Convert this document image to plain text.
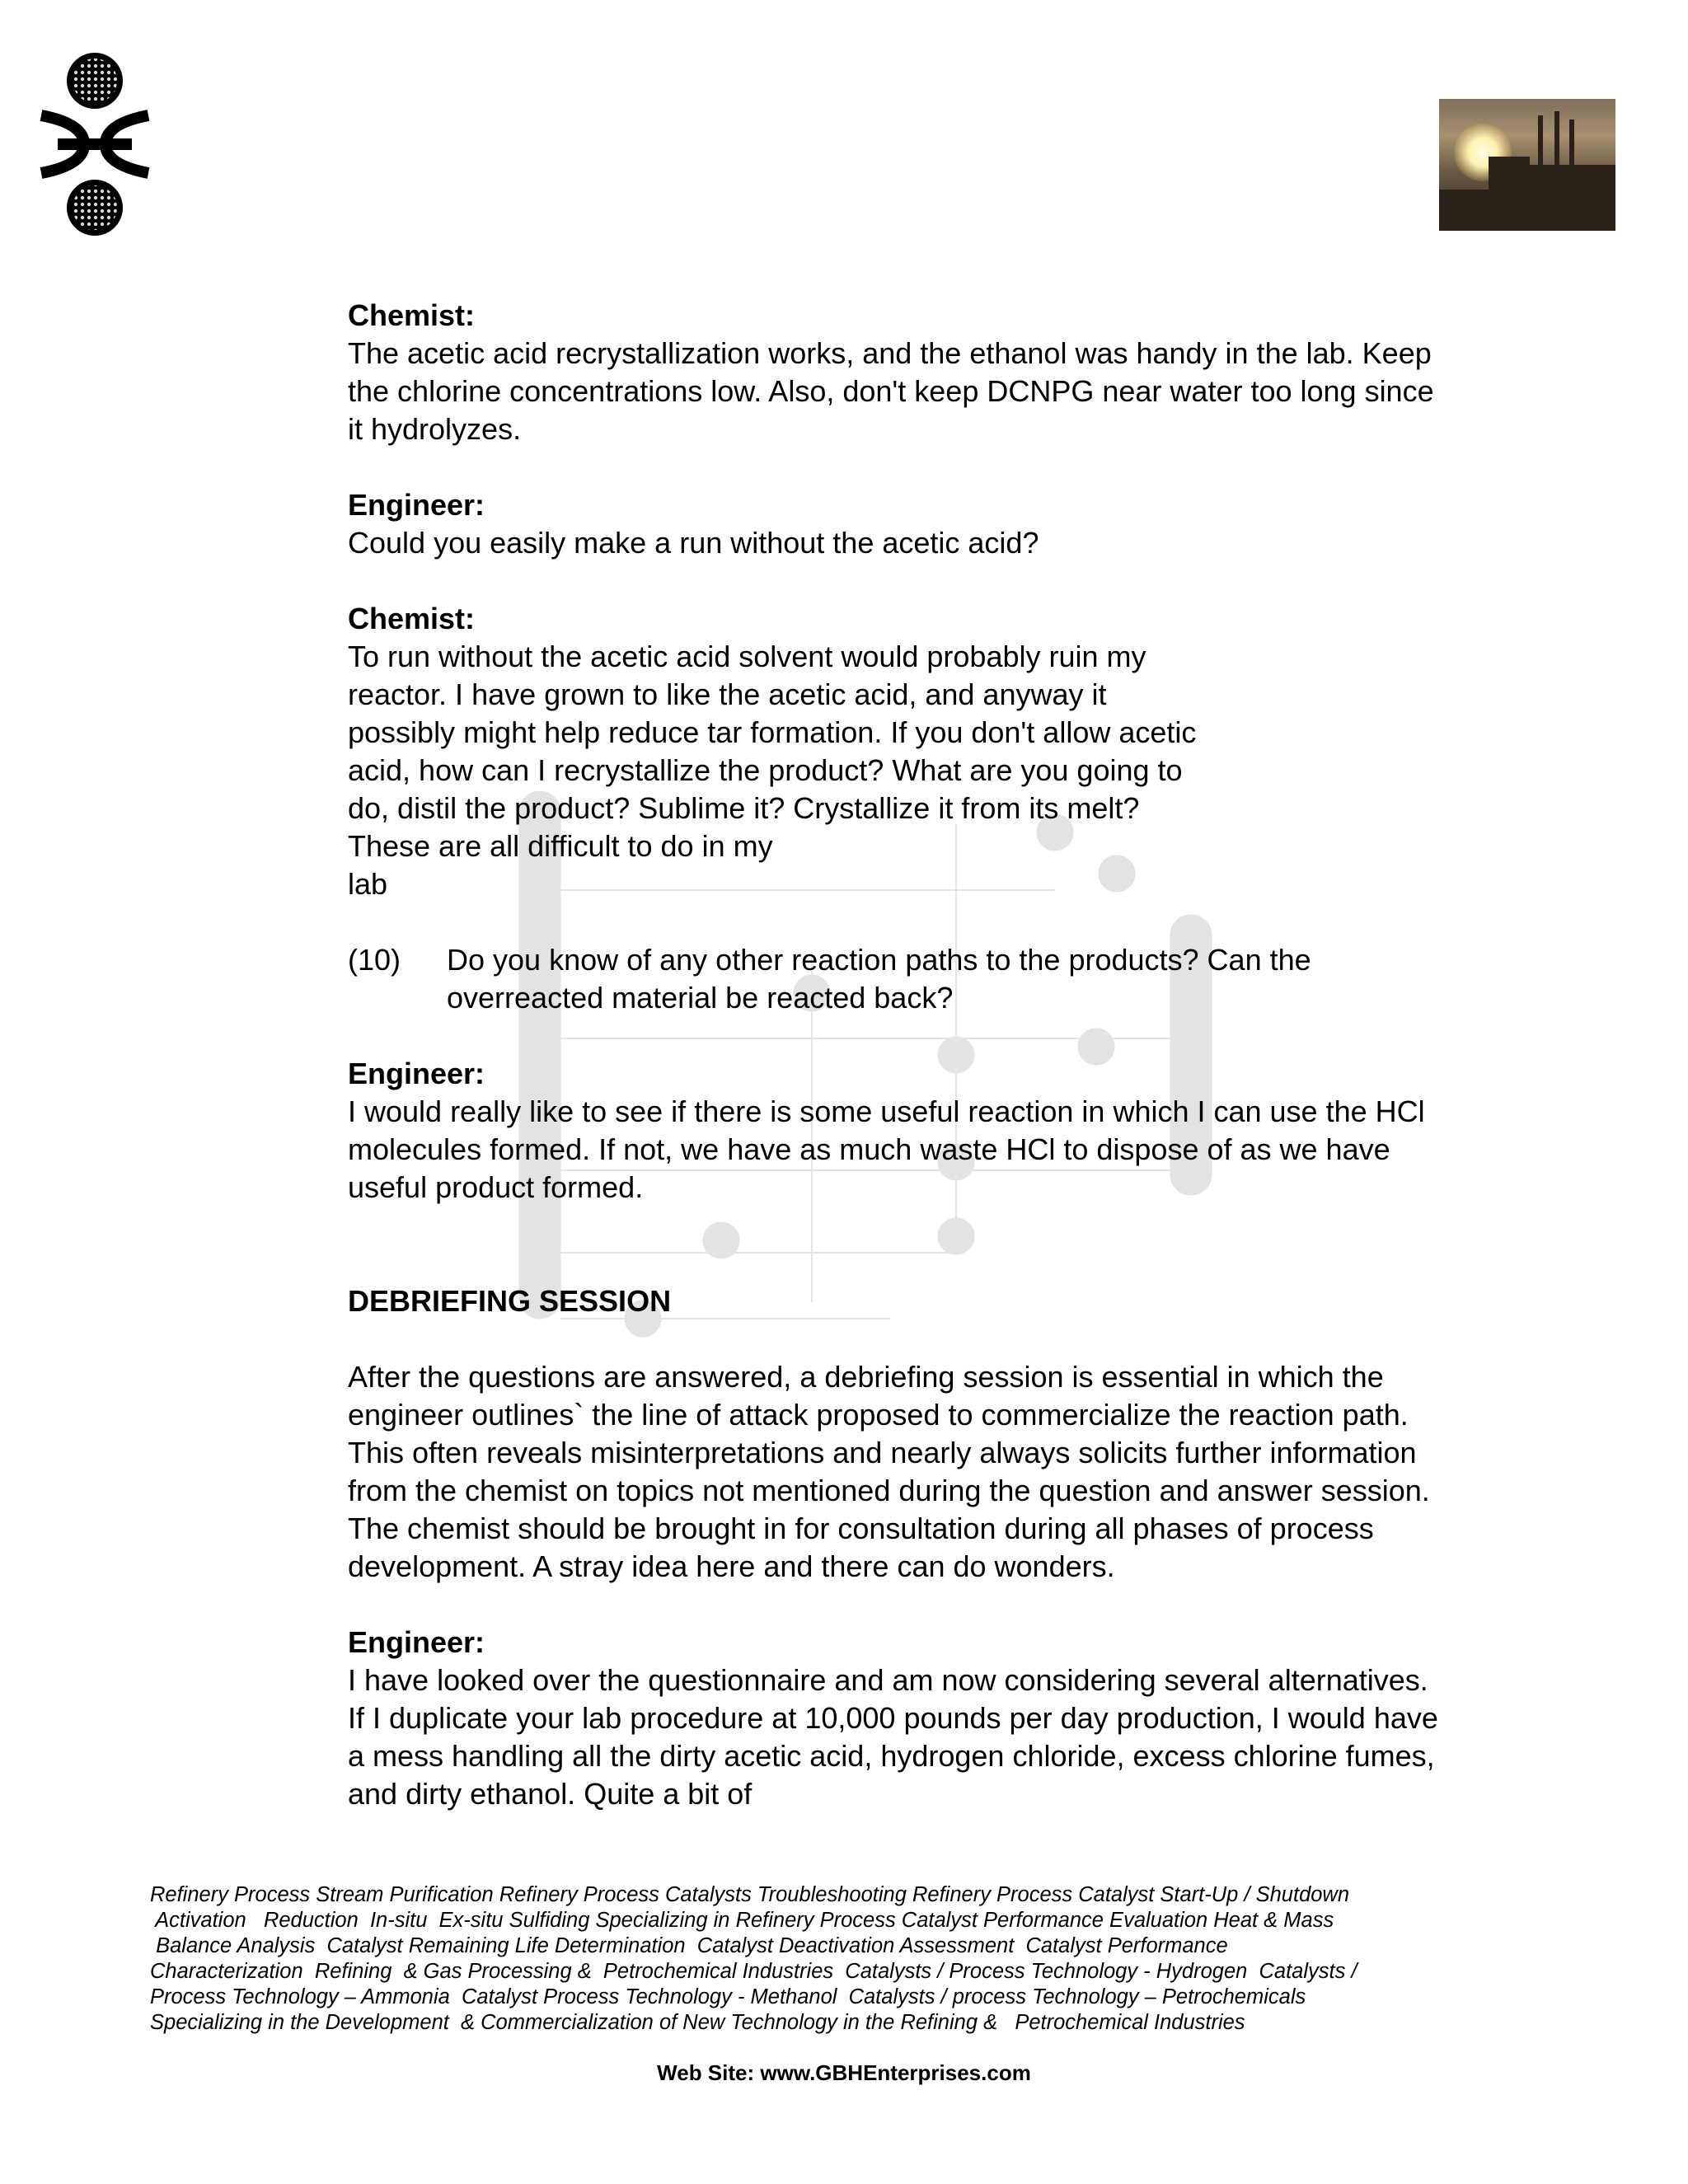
Chemist:

The acetic acid recrystallization works, and the ethanol was handy in the lab. Keep the chlorine concentrations low. Also, don't keep DCNPG near water too long since it hydrolyzes.

Engineer:

Could you easily make a run without the acetic acid?

Chemist:

To run without the acetic acid solvent would probably ruin my reactor. I have grown to like the acetic acid, and anyway it possibly might help reduce tar formation. If you don't allow acetic acid, how can I recrystallize the product? What are you going to do, distil the product? Sublime it? Crystallize it from its melt? These are all difficult to do in my

lab

(10)	Do you know of any other reaction paths to the products? Can the overreacted material be reacted back?

Engineer:

I would really like to see if there is some useful reaction in which I can use the HCl molecules formed. If not, we have as much waste HCl to dispose of as we have useful product formed.

DEBRIEFING SESSION

After the questions are answered, a debriefing session is essential in which the engineer outlines` the line of attack proposed to commercialize the reaction path. This often reveals misinterpretations and nearly always solicits further information from the chemist on topics not mentioned during the question and answer session. The chemist should be brought in for consultation during all phases of process development. A stray idea here and there can do wonders.

Engineer:

I have looked over the questionnaire and am now considering several alternatives. If I duplicate your lab procedure at 10,000 pounds per day production, I would have a mess handling all the dirty acetic acid, hydrogen chloride, excess chlorine fumes, and dirty ethanol. Quite a bit of

Refinery Process Stream Purification Refinery Process Catalysts Troubleshooting Refinery Process Catalyst Start-Up / Shutdown
Activation   Reduction  In-situ  Ex-situ Sulfiding Specializing in Refinery Process Catalyst Performance Evaluation Heat & Mass
Balance Analysis  Catalyst Remaining Life Determination  Catalyst Deactivation Assessment  Catalyst Performance
Characterization  Refining  & Gas Processing &  Petrochemical Industries  Catalysts / Process Technology - Hydrogen  Catalysts /
Process Technology – Ammonia  Catalyst Process Technology - Methanol  Catalysts / process Technology – Petrochemicals
Specializing in the Development  & Commercialization of New Technology in the Refining &   Petrochemical Industries
Web Site: www.GBHEnterprises.com
